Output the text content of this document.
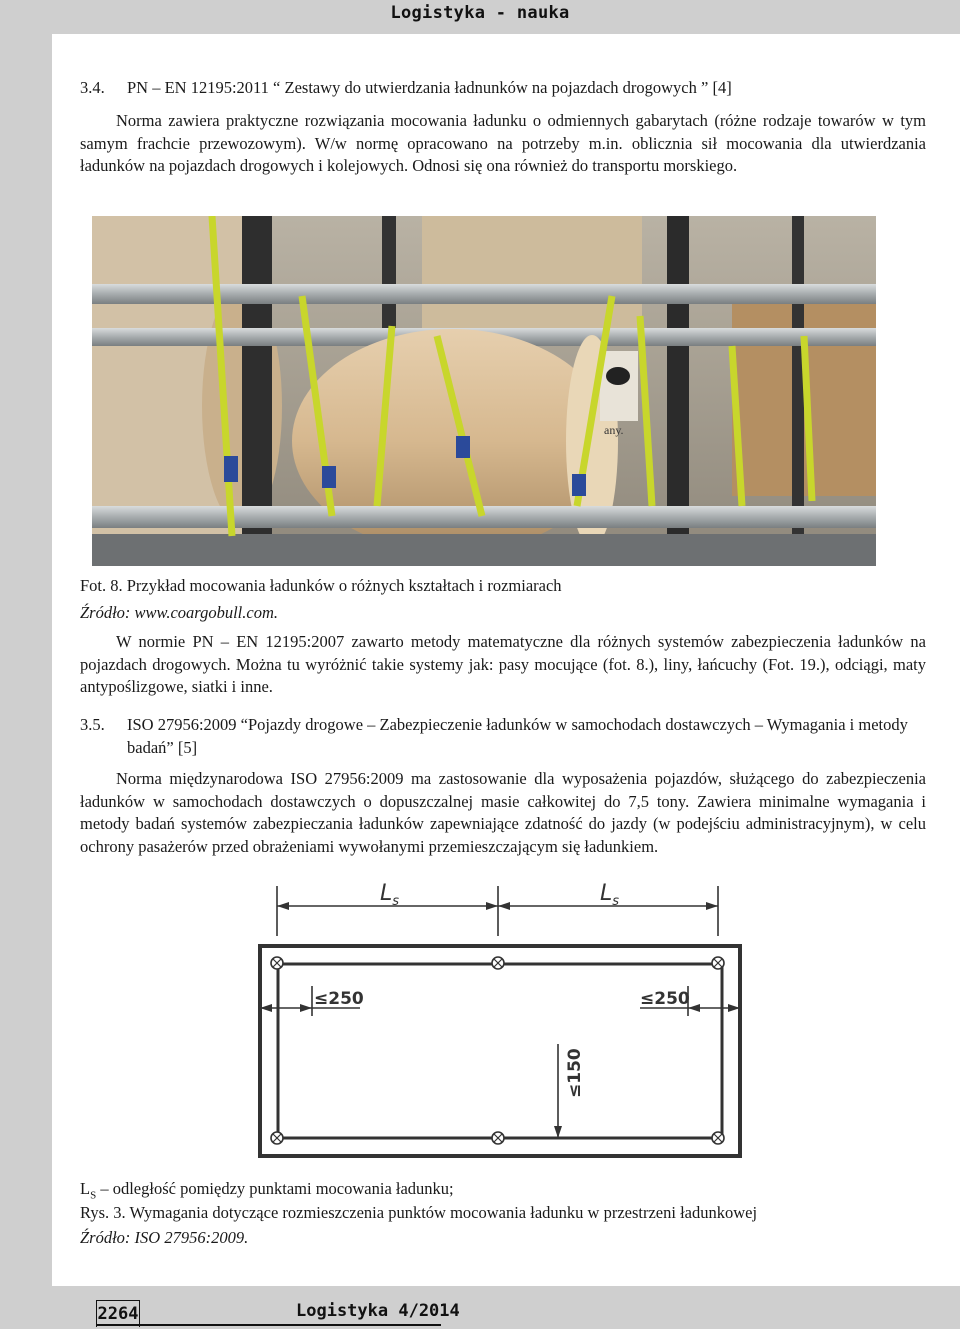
Logistyka - nauka
3.4. PN – EN 12195:2011 “ Zestawy do utwierdzania ładnunków na pojazdach drogowych ” [4]

Norma zawiera praktyczne rozwiązania mocowania ładunku o odmiennych gabarytach (różne rodzaje towarów w tym samym frachcie przewozowym). W/w normę opracowano na potrzeby m.in. oblicznia sił mocowania dla utwierdzania ładunków na pojazdach drogowych i kolejowych. Odnosi się ona również do transportu morskiego.

any.

Fot. 8. Przykład mocowania ładunków o różnych kształtach i rozmiarach

Źródło: www.coargobull.com.

W normie PN – EN 12195:2007 zawarto metody matematyczne dla różnych systemów zabezpieczenia ładunków na pojazdach drogowych. Można tu wyróżnić takie systemy jak: pasy mocujące (fot. 8.), liny, łańcuchy (Fot. 19.), odciągi, maty antypoślizgowe, siatki i inne.

3.5.	ISO 27956:2009 “Pojazdy drogowe – Zabezpieczenie ładunków w samochodach dostawczych – Wymagania i metody badań” [5]

Norma międzynarodowa ISO 27956:2009 ma zastosowanie dla wyposażenia pojazdów, służącego do zabezpieczenia ładunków w samochodach dostawczych o dopuszczalnej masie całkowitej do 7,5 tony. Zawiera minimalne wymagania i metody badań systemów zabezpieczania ładunków zapewniające zdatność do jazdy (w podejściu administracyjnym), w celu ochrony pasażerów przed obrażeniami wywołanymi przemieszczającym się ładunkiem.

$L_s$	$L_s$
≤250	≤250
≤150

$L_S$ – odległość pomiędzy punktami mocowania ładunku;

Rys. 3. Wymagania dotyczące rozmieszczenia punktów mocowania ładunku w przestrzeni ładunkowej

Źródło: ISO 27956:2009.

2264	Logistyka 4/2014
